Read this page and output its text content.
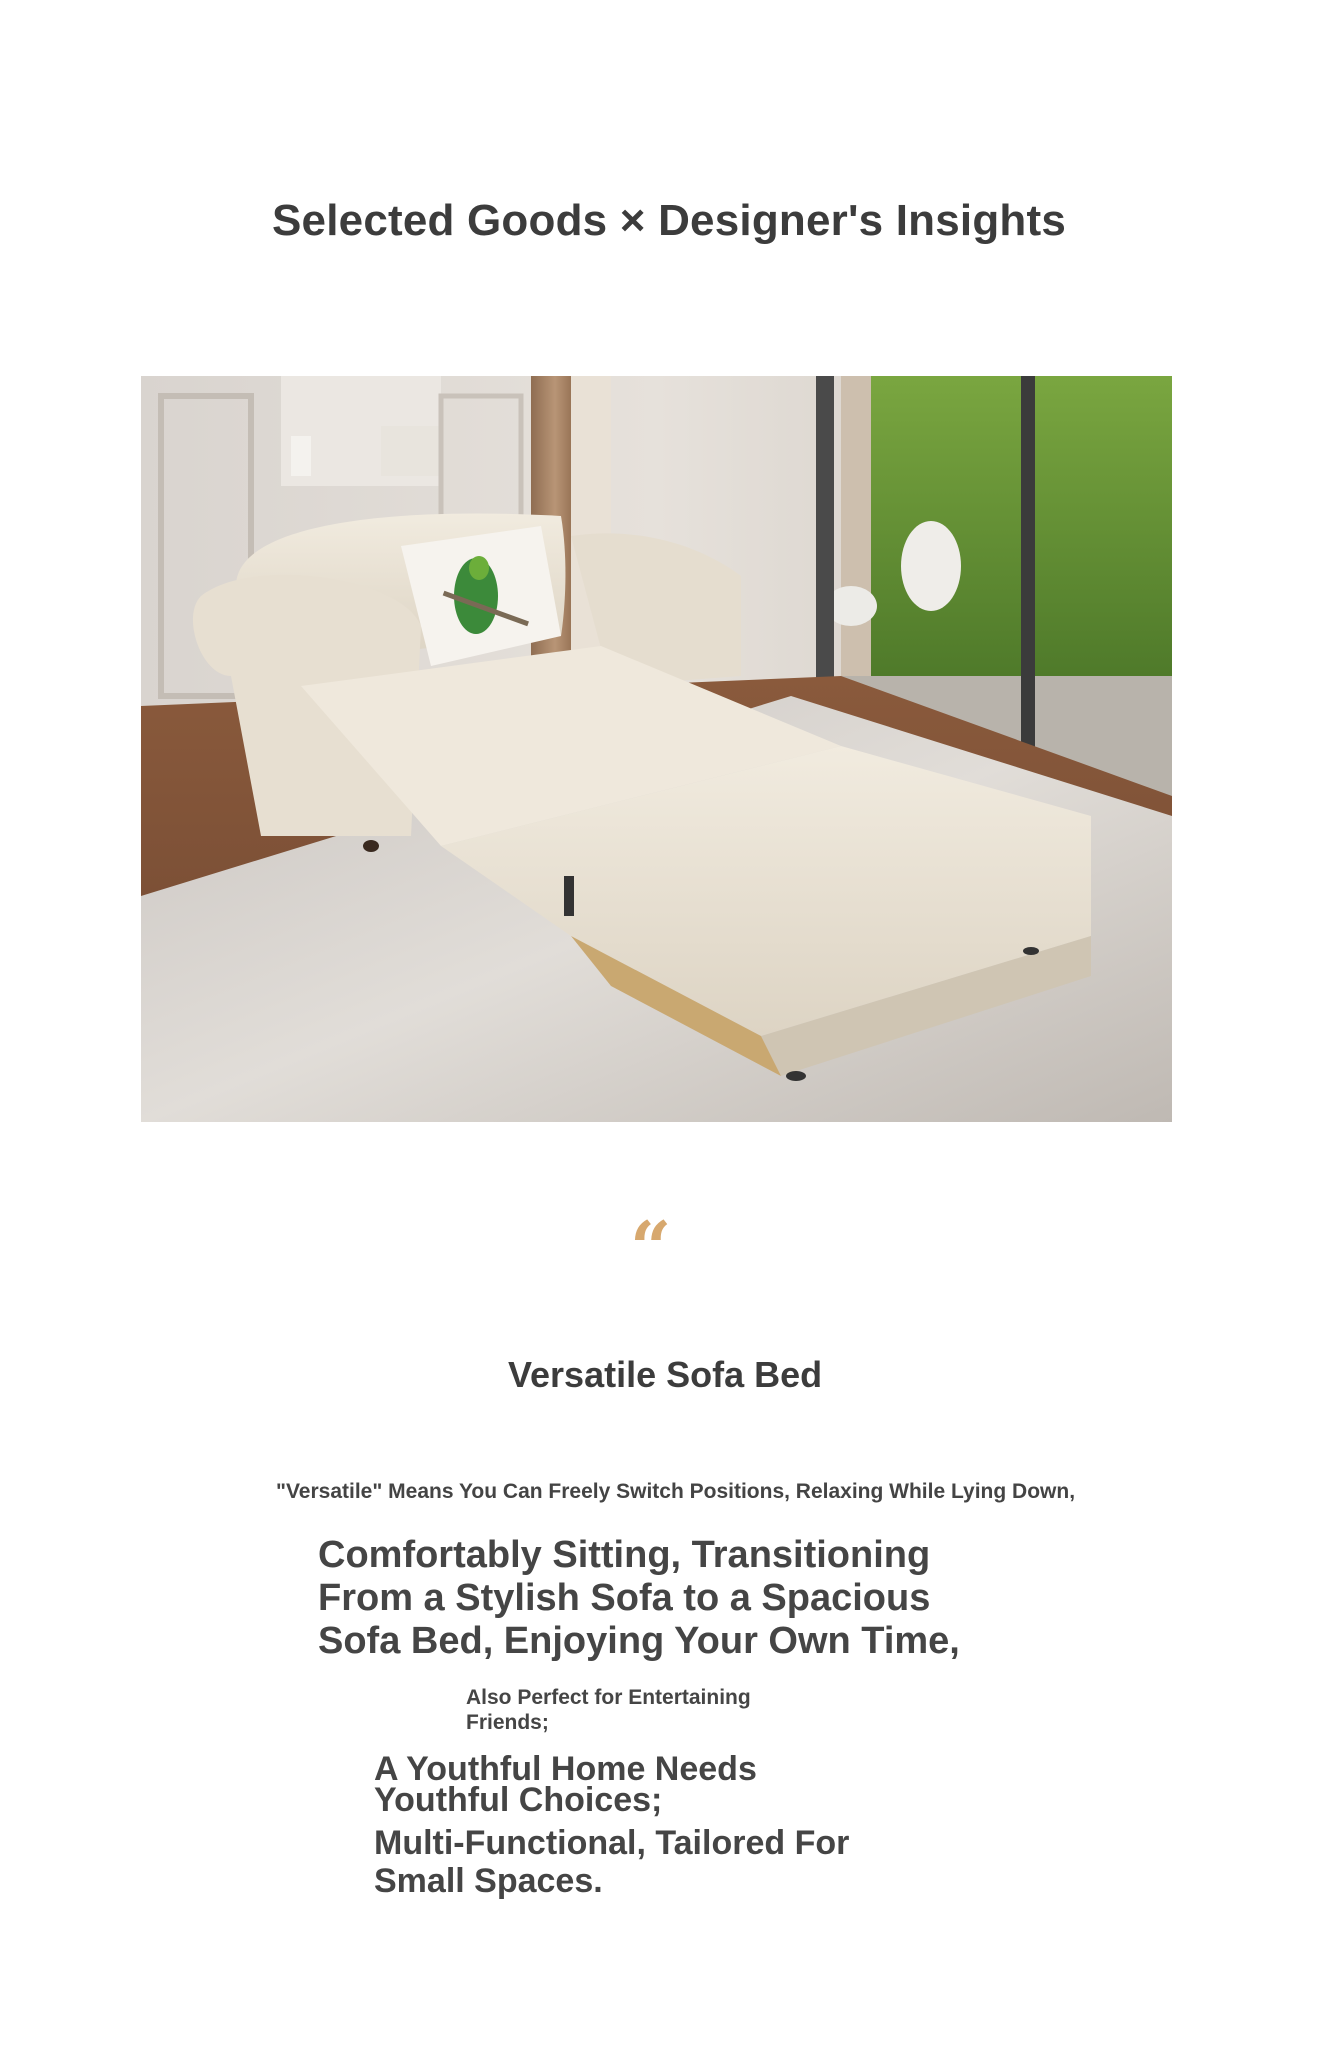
Selected Goods × Designer's Insights
“
Versatile Sofa Bed
"Versatile" Means You Can Freely Switch Positions, Relaxing While Lying Down,
Comfortably Sitting, Transitioning
From a Stylish Sofa to a Spacious
Sofa Bed, Enjoying Your Own Time,
Also Perfect for Entertaining
Friends;
A Youthful Home Needs
Youthful Choices;
Multi-Functional, Tailored For
Small Spaces.
